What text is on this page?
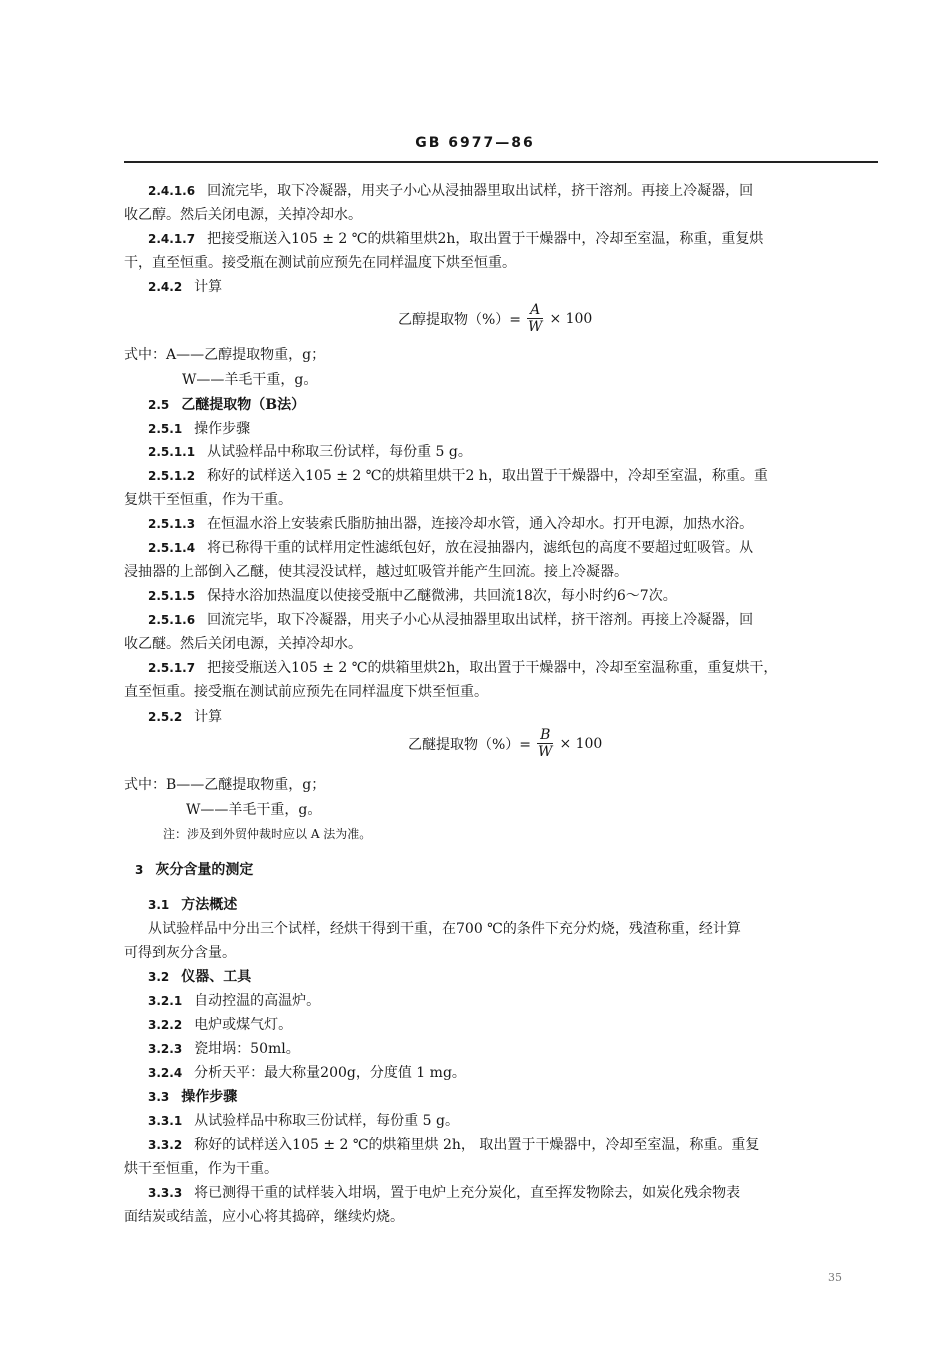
GB 6977—86
2.4.1.6 回流完毕，取下冷凝器，用夹子小心从浸抽器里取出试样，挤干溶剂。再接上冷凝器，回
收乙醇。然后关闭电源，关掉冷却水。
2.4.1.7 把接受瓶送入105 ± 2 ℃的烘箱里烘2h，取出置于干燥器中，冷却至室温，称重，重复烘
干，直至恒重。接受瓶在测试前应预先在同样温度下烘至恒重。
2.4.2 计算
乙醇提取物（%）= $\frac{A}{W} \times 100$
式中：A——乙醇提取物重，g；
W——羊毛干重，g。
2.5 乙醚提取物（B法）
2.5.1 操作步骤
2.5.1.1 从试验样品中称取三份试样，每份重 5 g。
2.5.1.2 称好的试样送入105 ± 2 ℃的烘箱里烘干2 h，取出置于干燥器中，冷却至室温，称重。重
复烘干至恒重，作为干重。
2.5.1.3 在恒温水浴上安装索氏脂肪抽出器，连接冷却水管，通入冷却水。打开电源，加热水浴。
2.5.1.4 将已称得干重的试样用定性滤纸包好，放在浸抽器内，滤纸包的高度不要超过虹吸管。从
浸抽器的上部倒入乙醚，使其浸没试样，越过虹吸管并能产生回流。接上冷凝器。
2.5.1.5 保持水浴加热温度以使接受瓶中乙醚微沸，共回流18次，每小时约6～7次。
2.5.1.6 回流完毕，取下冷凝器，用夹子小心从浸抽器里取出试样，挤干溶剂。再接上冷凝器，回
收乙醚。然后关闭电源，关掉冷却水。
2.5.1.7 把接受瓶送入105 ± 2 ℃的烘箱里烘2h，取出置于干燥器中，冷却至室温称重，重复烘干，
直至恒重。接受瓶在测试前应预先在同样温度下烘至恒重。
2.5.2 计算
乙醚提取物（%）= $\frac{B}{W} \times 100$
式中：B——乙醚提取物重，g；
W——羊毛干重，g。
注：涉及到外贸仲裁时应以 A 法为准。
3 灰分含量的测定
3.1 方法概述
从试验样品中分出三个试样，经烘干得到干重，在700 ℃的条件下充分灼烧，残渣称重，经计算
可得到灰分含量。
3.2 仪器、工具
3.2.1 自动控温的高温炉。
3.2.2 电炉或煤气灯。
3.2.3 瓷坩埚：50ml。
3.2.4 分析天平：最大称量200g，分度值 1 mg。
3.3 操作步骤
3.3.1 从试验样品中称取三份试样，每份重 5 g。
3.3.2 称好的试样送入105 ± 2 ℃的烘箱里烘 2h， 取出置于干燥器中，冷却至室温，称重。重复
烘干至恒重，作为干重。
3.3.3 将已测得干重的试样装入坩埚，置于电炉上充分炭化，直至挥发物除去，如炭化残余物表
面结炭或结盖，应小心将其捣碎，继续灼烧。
35
